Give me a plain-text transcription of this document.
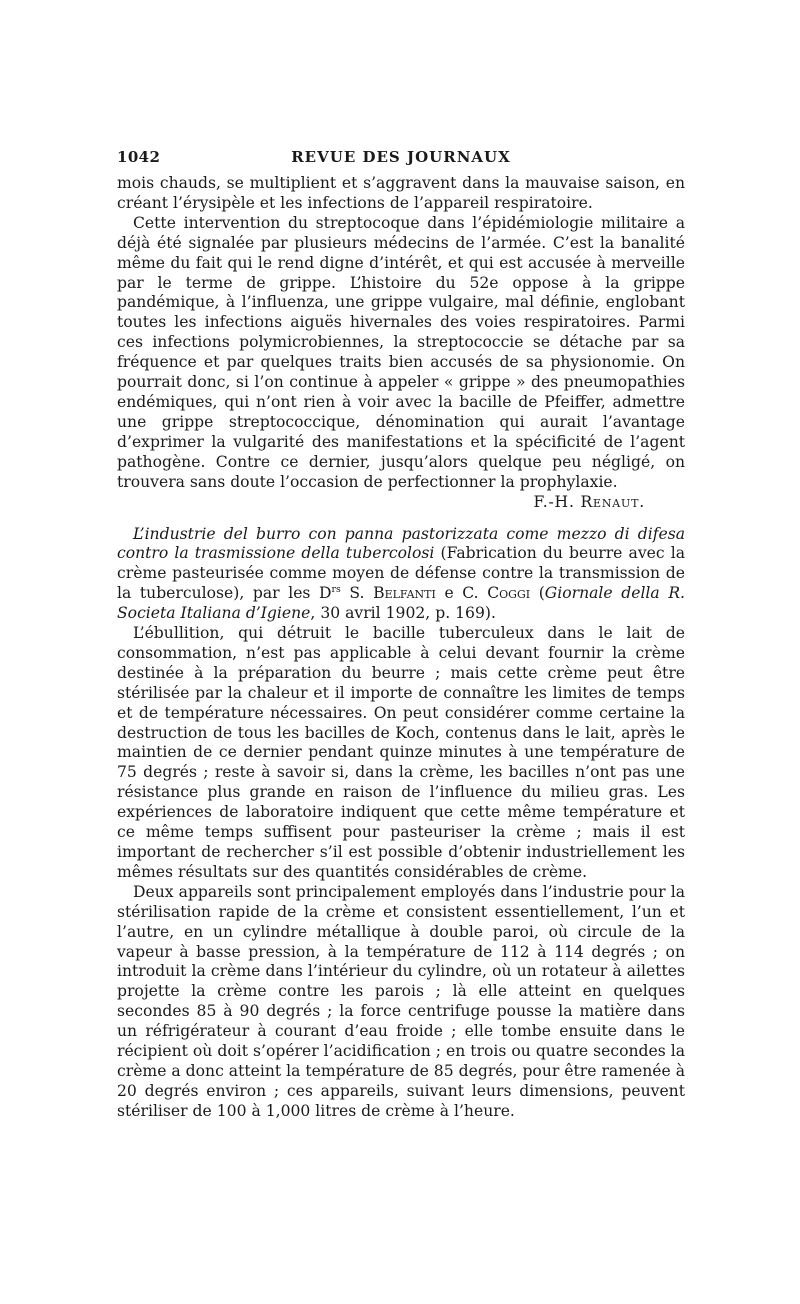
1042	REVUE DES JOURNAUX

mois chauds, se multiplient et s’aggravent dans la mauvaise saison, en créant l’érysipèle et les infections de l’appareil respiratoire.

Cette intervention du streptocoque dans l’épidémiologie militaire a déjà été signalée par plusieurs médecins de l’armée. C’est la banalité même du fait qui le rend digne d’intérêt, et qui est accusée à merveille par le terme de grippe. L’histoire du 52e oppose à la grippe pandémique, à l’influenza, une grippe vulgaire, mal définie, englobant toutes les infections aiguës hivernales des voies respiratoires. Parmi ces infections polymicrobiennes, la streptococcie se détache par sa fréquence et par quelques traits bien accusés de sa physionomie. On pourrait donc, si l’on continue à appeler « grippe » des pneumopathies endémiques, qui n’ont rien à voir avec la bacille de Pfeiffer, admettre une grippe streptococcique, dénomination qui aurait l’avantage d’exprimer la vulgarité des manifestations et la spécificité de l’agent pathogène. Contre ce dernier, jusqu’alors quelque peu négligé, on trouvera sans doute l’occasion de perfectionner la prophylaxie.
F.-H. Renaut.

L’industrie del burro con panna pastorizzata come mezzo di difesa contro la trasmissione della tubercolosi (Fabrication du beurre avec la crème pasteurisée comme moyen de défense contre la transmission de la tuberculose), par les $D^{rs}$ S. Belfanti e C. Coggi (Giornale della R. Societa Italiana d’Igiene, 30 avril 1902, p. 169).

L’ébullition, qui détruit le bacille tuberculeux dans le lait de consommation, n’est pas applicable à celui devant fournir la crème destinée à la préparation du beurre ; mais cette crème peut être stérilisée par la chaleur et il importe de connaître les limites de temps et de température nécessaires. On peut considérer comme certaine la destruction de tous les bacilles de Koch, contenus dans le lait, après le maintien de ce dernier pendant quinze minutes à une température de 75 degrés ; reste à savoir si, dans la crème, les bacilles n’ont pas une résistance plus grande en raison de l’influence du milieu gras. Les expériences de laboratoire indiquent que cette même température et ce même temps suffisent pour pasteuriser la crème ; mais il est important de rechercher s’il est possible d’obtenir industriellement les mêmes résultats sur des quantités considérables de crème.

Deux appareils sont principalement employés dans l’industrie pour la stérilisation rapide de la crème et consistent essentiellement, l’un et l’autre, en un cylindre métallique à double paroi, où circule de la vapeur à basse pression, à la température de 112 à 114 degrés ; on introduit la crème dans l’intérieur du cylindre, où un rotateur à ailettes projette la crème contre les parois ; là elle atteint en quelques secondes 85 à 90 degrés ; la force centrifuge pousse la matière dans un réfrigérateur à courant d’eau froide ; elle tombe ensuite dans le récipient où doit s’opérer l’acidification ; en trois ou quatre secondes la crème a donc atteint la température de 85 degrés, pour être ramenée à 20 degrés environ ; ces appareils, suivant leurs dimensions, peuvent stériliser de 100 à 1,000 litres de crème à l’heure.
